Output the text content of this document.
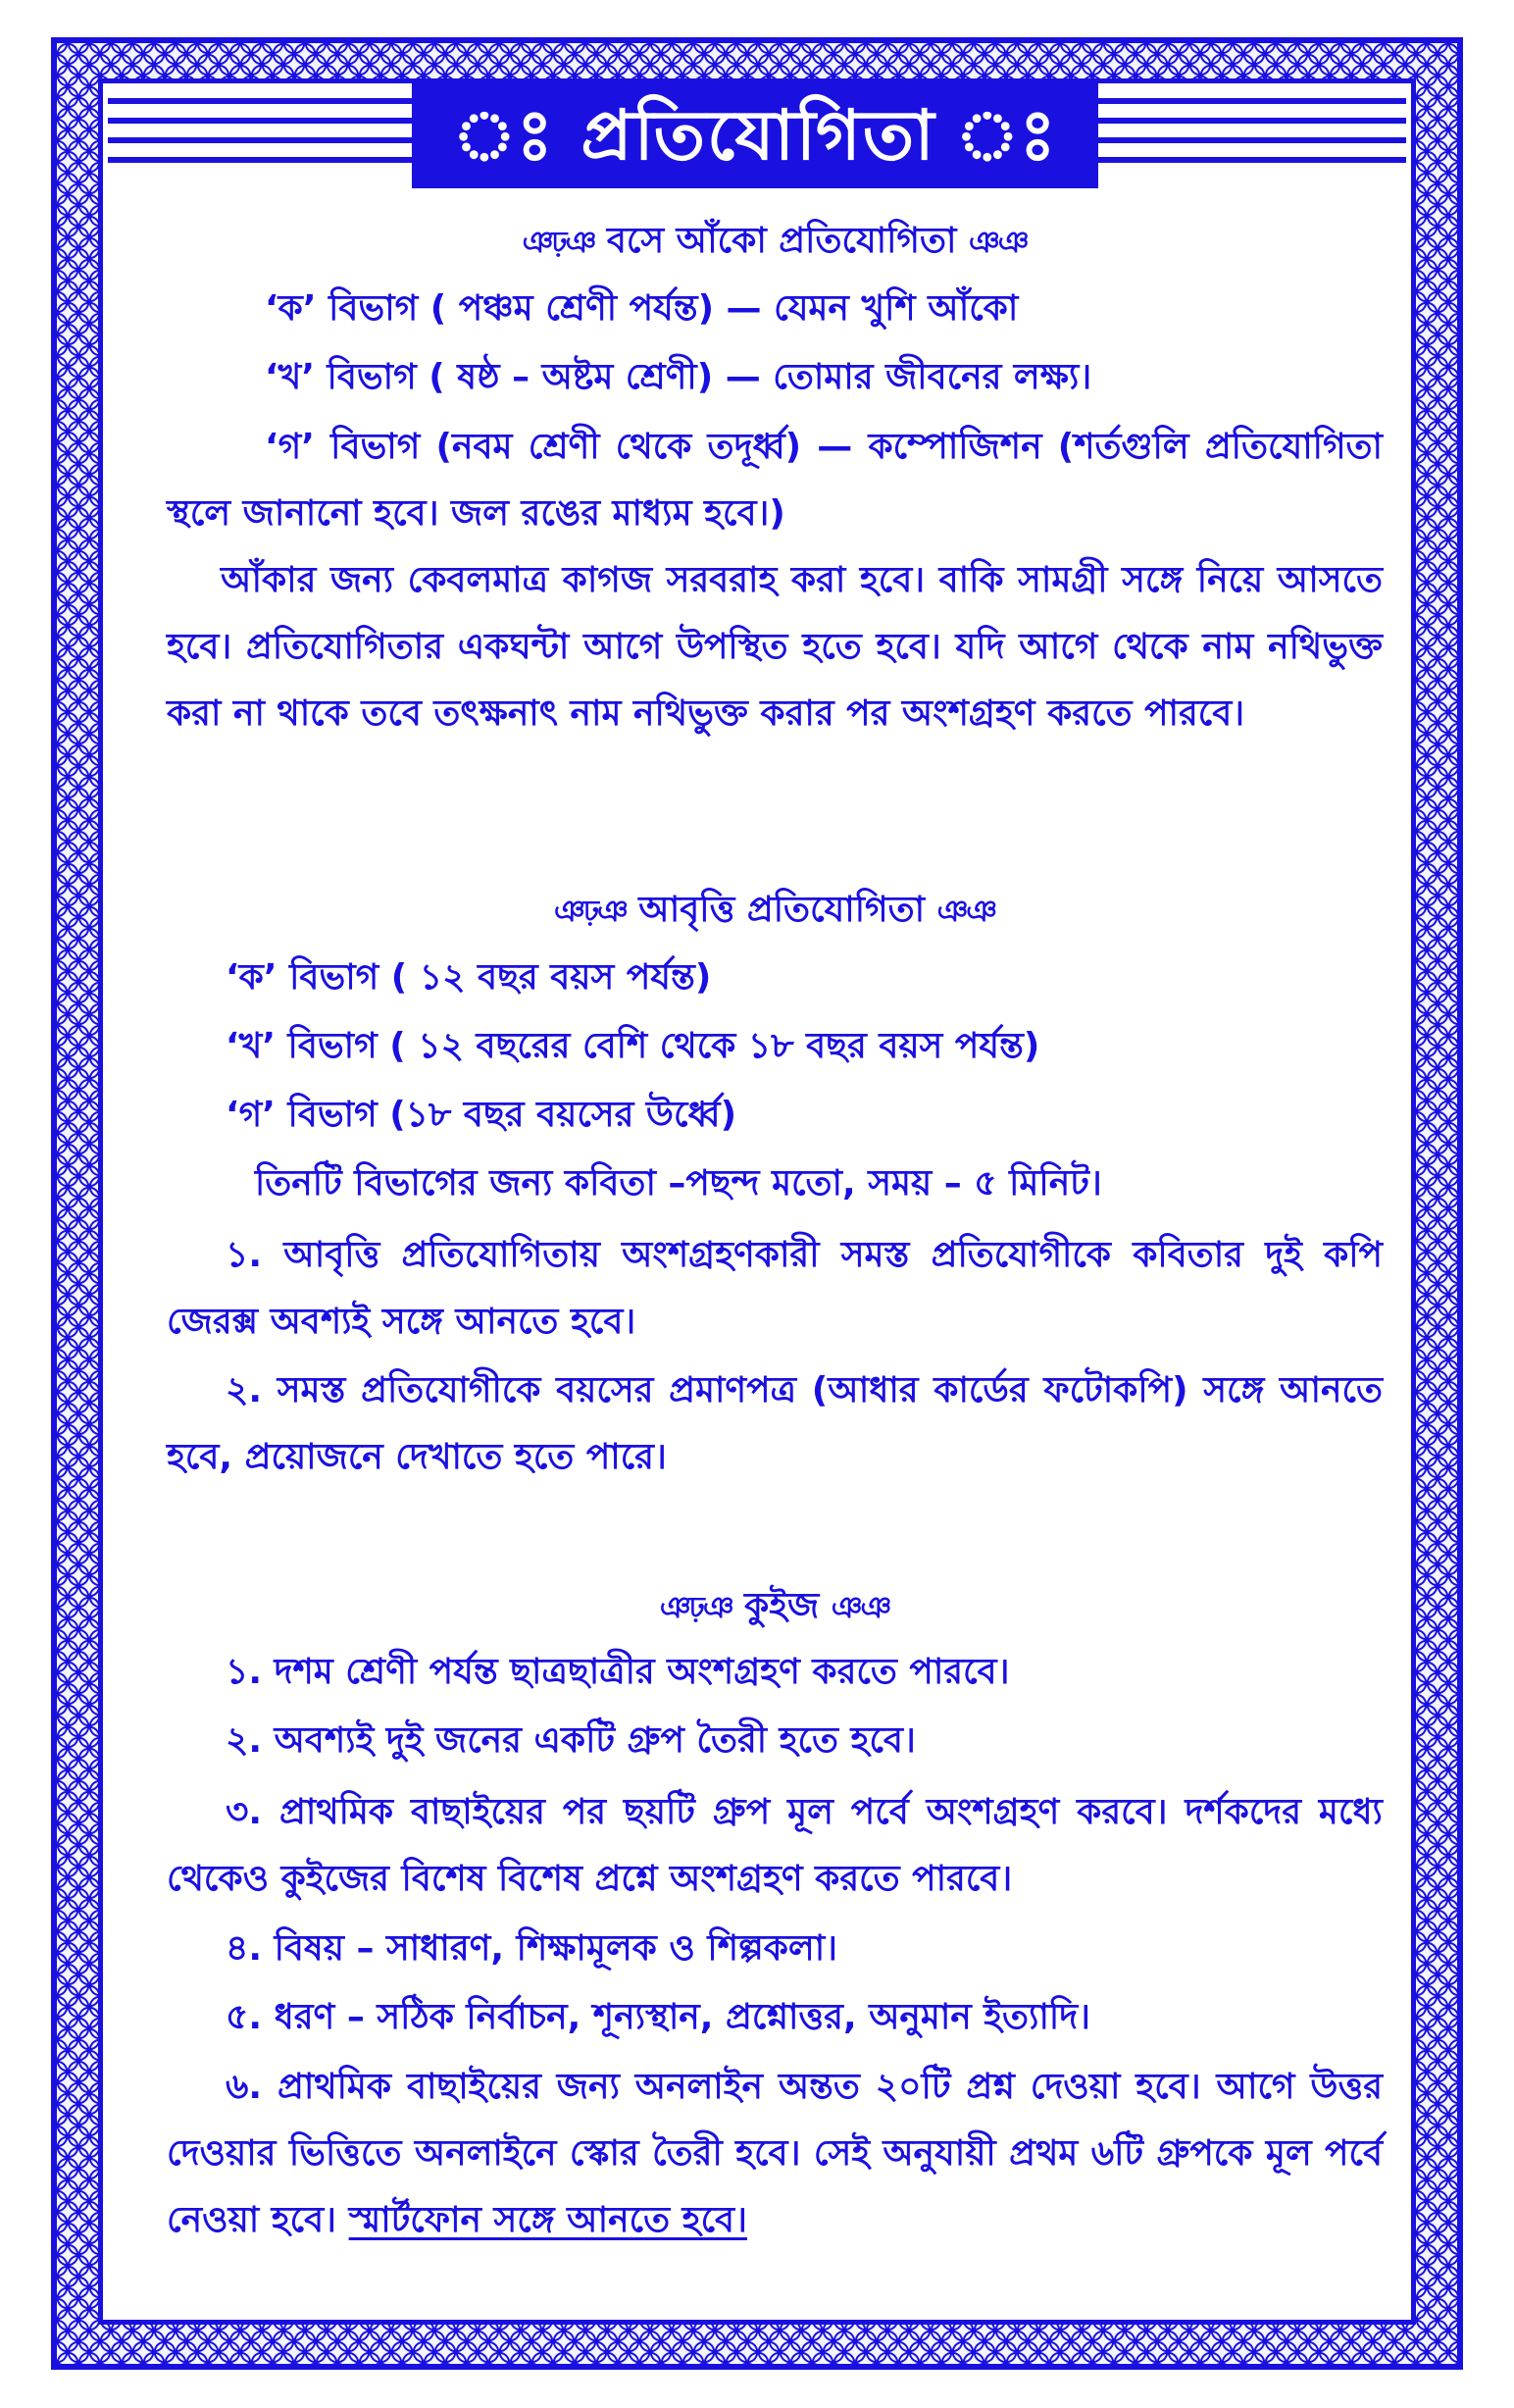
ঃ প্রতিযোগিতা ঃ
ঞঢ়ঞ বসে আঁকো প্রতিযোগিতা ঞঞ
‘ক’ বিভাগ ( পঞ্চম শ্রেণী পর্যন্ত) — যেমন খুশি আঁকো
‘খ’ বিভাগ ( ষষ্ঠ – অষ্টম শ্রেণী) — তোমার জীবনের লক্ষ্য।
‘গ’ বিভাগ (নবম শ্রেণী থেকে তদূর্ধ্ব) — কম্পোজিশন (শর্তগুলি প্রতিযোগিতা স্থলে জানানো হবে। জল রঙের মাধ্যম হবে।)
আঁকার জন্য কেবলমাত্র কাগজ সরবরাহ করা হবে। বাকি সামগ্রী সঙ্গে নিয়ে আসতে হবে। প্রতিযোগিতার একঘন্টা আগে উপস্থিত হতে হবে। যদি আগে থেকে নাম নথিভুক্ত করা না থাকে তবে তৎক্ষনাৎ নাম নথিভুক্ত করার পর অংশগ্রহণ করতে পারবে।
ঞঢ়ঞ আবৃত্তি প্রতিযোগিতা ঞঞ
‘ক’ বিভাগ ( ১২ বছর বয়স পর্যন্ত)
‘খ’ বিভাগ ( ১২ বছরের বেশি থেকে ১৮ বছর বয়স পর্যন্ত)
‘গ’ বিভাগ (১৮ বছর বয়সের উর্ধ্বে)
তিনটি বিভাগের জন্য কবিতা –পছন্দ মতো, সময় – ৫ মিনিট।
১. আবৃত্তি প্রতিযোগিতায় অংশগ্রহণকারী সমস্ত প্রতিযোগীকে কবিতার দুই কপি জেরক্স অবশ্যই সঙ্গে আনতে হবে।
২. সমস্ত প্রতিযোগীকে বয়সের প্রমাণপত্র (আধার কার্ডের ফটোকপি) সঙ্গে আনতে হবে, প্রয়োজনে দেখাতে হতে পারে।
ঞঢ়ঞ কুইজ ঞঞ
১. দশম শ্রেণী পর্যন্ত ছাত্রছাত্রীর অংশগ্রহণ করতে পারবে।
২. অবশ্যই দুই জনের একটি গ্রুপ তৈরী হতে হবে।
৩. প্রাথমিক বাছাইয়ের পর ছয়টি গ্রুপ মূল পর্বে অংশগ্রহণ করবে। দর্শকদের মধ্যে থেকেও কুইজের বিশেষ বিশেষ প্রশ্নে অংশগ্রহণ করতে পারবে।
৪. বিষয় – সাধারণ, শিক্ষামূলক ও শিল্পকলা।
৫. ধরণ – সঠিক নির্বাচন, শূন্যস্থান, প্রশ্নোত্তর, অনুমান ইত্যাদি।
৬. প্রাথমিক বাছাইয়ের জন্য অনলাইন অন্তত ২০টি প্রশ্ন দেওয়া হবে। আগে উত্তর দেওয়ার ভিত্তিতে অনলাইনে স্কোর তৈরী হবে। সেই অনুযায়ী প্রথম ৬টি গ্রুপকে মূল পর্বে নেওয়া হবে। স্মার্টফোন সঙ্গে আনতে হবে।
